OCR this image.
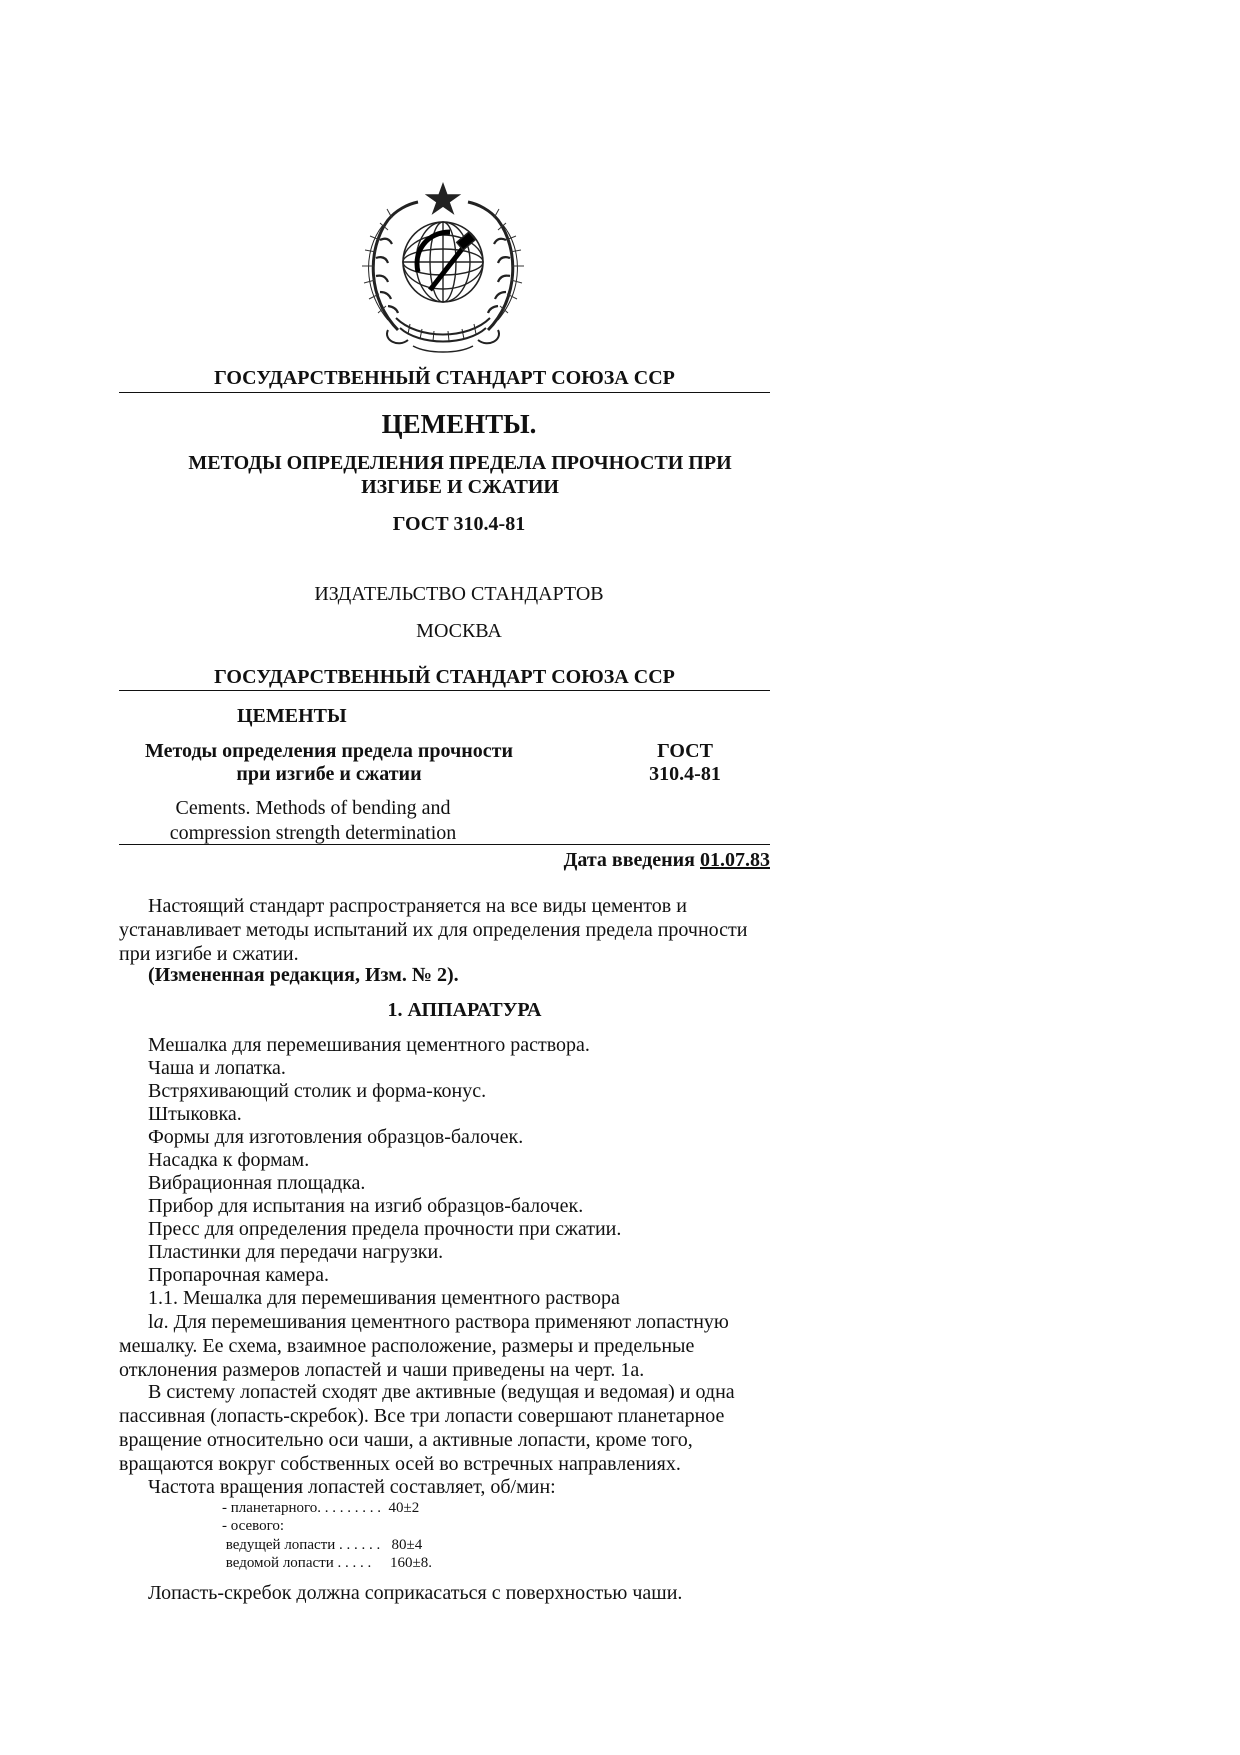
ГОСУДАРСТВЕННЫЙ СТАНДАРТ СОЮЗА ССР
ЦЕМЕНТЫ.
МЕТОДЫ ОПРЕДЕЛЕНИЯ ПРЕДЕЛА ПРОЧНОСТИ ПРИ
ИЗГИБЕ И СЖАТИИ
ГОСТ 310.4-81
ИЗДАТЕЛЬСТВО СТАНДАРТОВ
МОСКВА
ГОСУДАРСТВЕННЫЙ СТАНДАРТ СОЮЗА ССР
ЦЕМЕНТЫ
Методы определения предела прочности
при изгибе и сжатии
ГОСТ
310.4-81
Cements. Methods of bending and
compression strength determination
Дата введения 01.07.83

Настоящий стандарт распространяется на все виды цементов и устанавливает методы испытаний их для определения предела прочности при изгибе и сжатии.

(Измененная редакция, Изм. № 2).
1. АППАРАТУРА
Мешалка для перемешивания цементного раствора.
Чаша и лопатка.
Встряхивающий столик и форма-конус.
Штыковка.
Формы для изготовления образцов-балочек.
Насадка к формам.
Вибрационная площадка.
Прибор для испытания на изгиб образцов-балочек.
Пресс для определения предела прочности при сжатии.
Пластинки для передачи нагрузки.
Пропарочная камера.
1.1. Мешалка для перемешивания цементного раствора

la. Для перемешивания цементного раствора применяют лопастную мешалку. Ее схема, взаимное расположение, размеры и предельные отклонения размеров лопастей и чаши приведены на черт. 1а.

В систему лопастей сходят две активные (ведущая и ведомая) и одна пассивная (лопасть-скребок). Все три лопасти совершают планетарное вращение относительно оси чаши, а активные лопасти, кроме того, вращаются вокруг собственных осей во встречных направлениях.

Частота вращения лопастей составляет, об/мин:
- планетарного. . . . . . . . .  40±2
- осевого:
ведущей лопасти . . . . . .   80±4
ведомой лопасти . . . . .     160±8.
Лопасть-скребок должна соприкасаться с поверхностью чаши.
